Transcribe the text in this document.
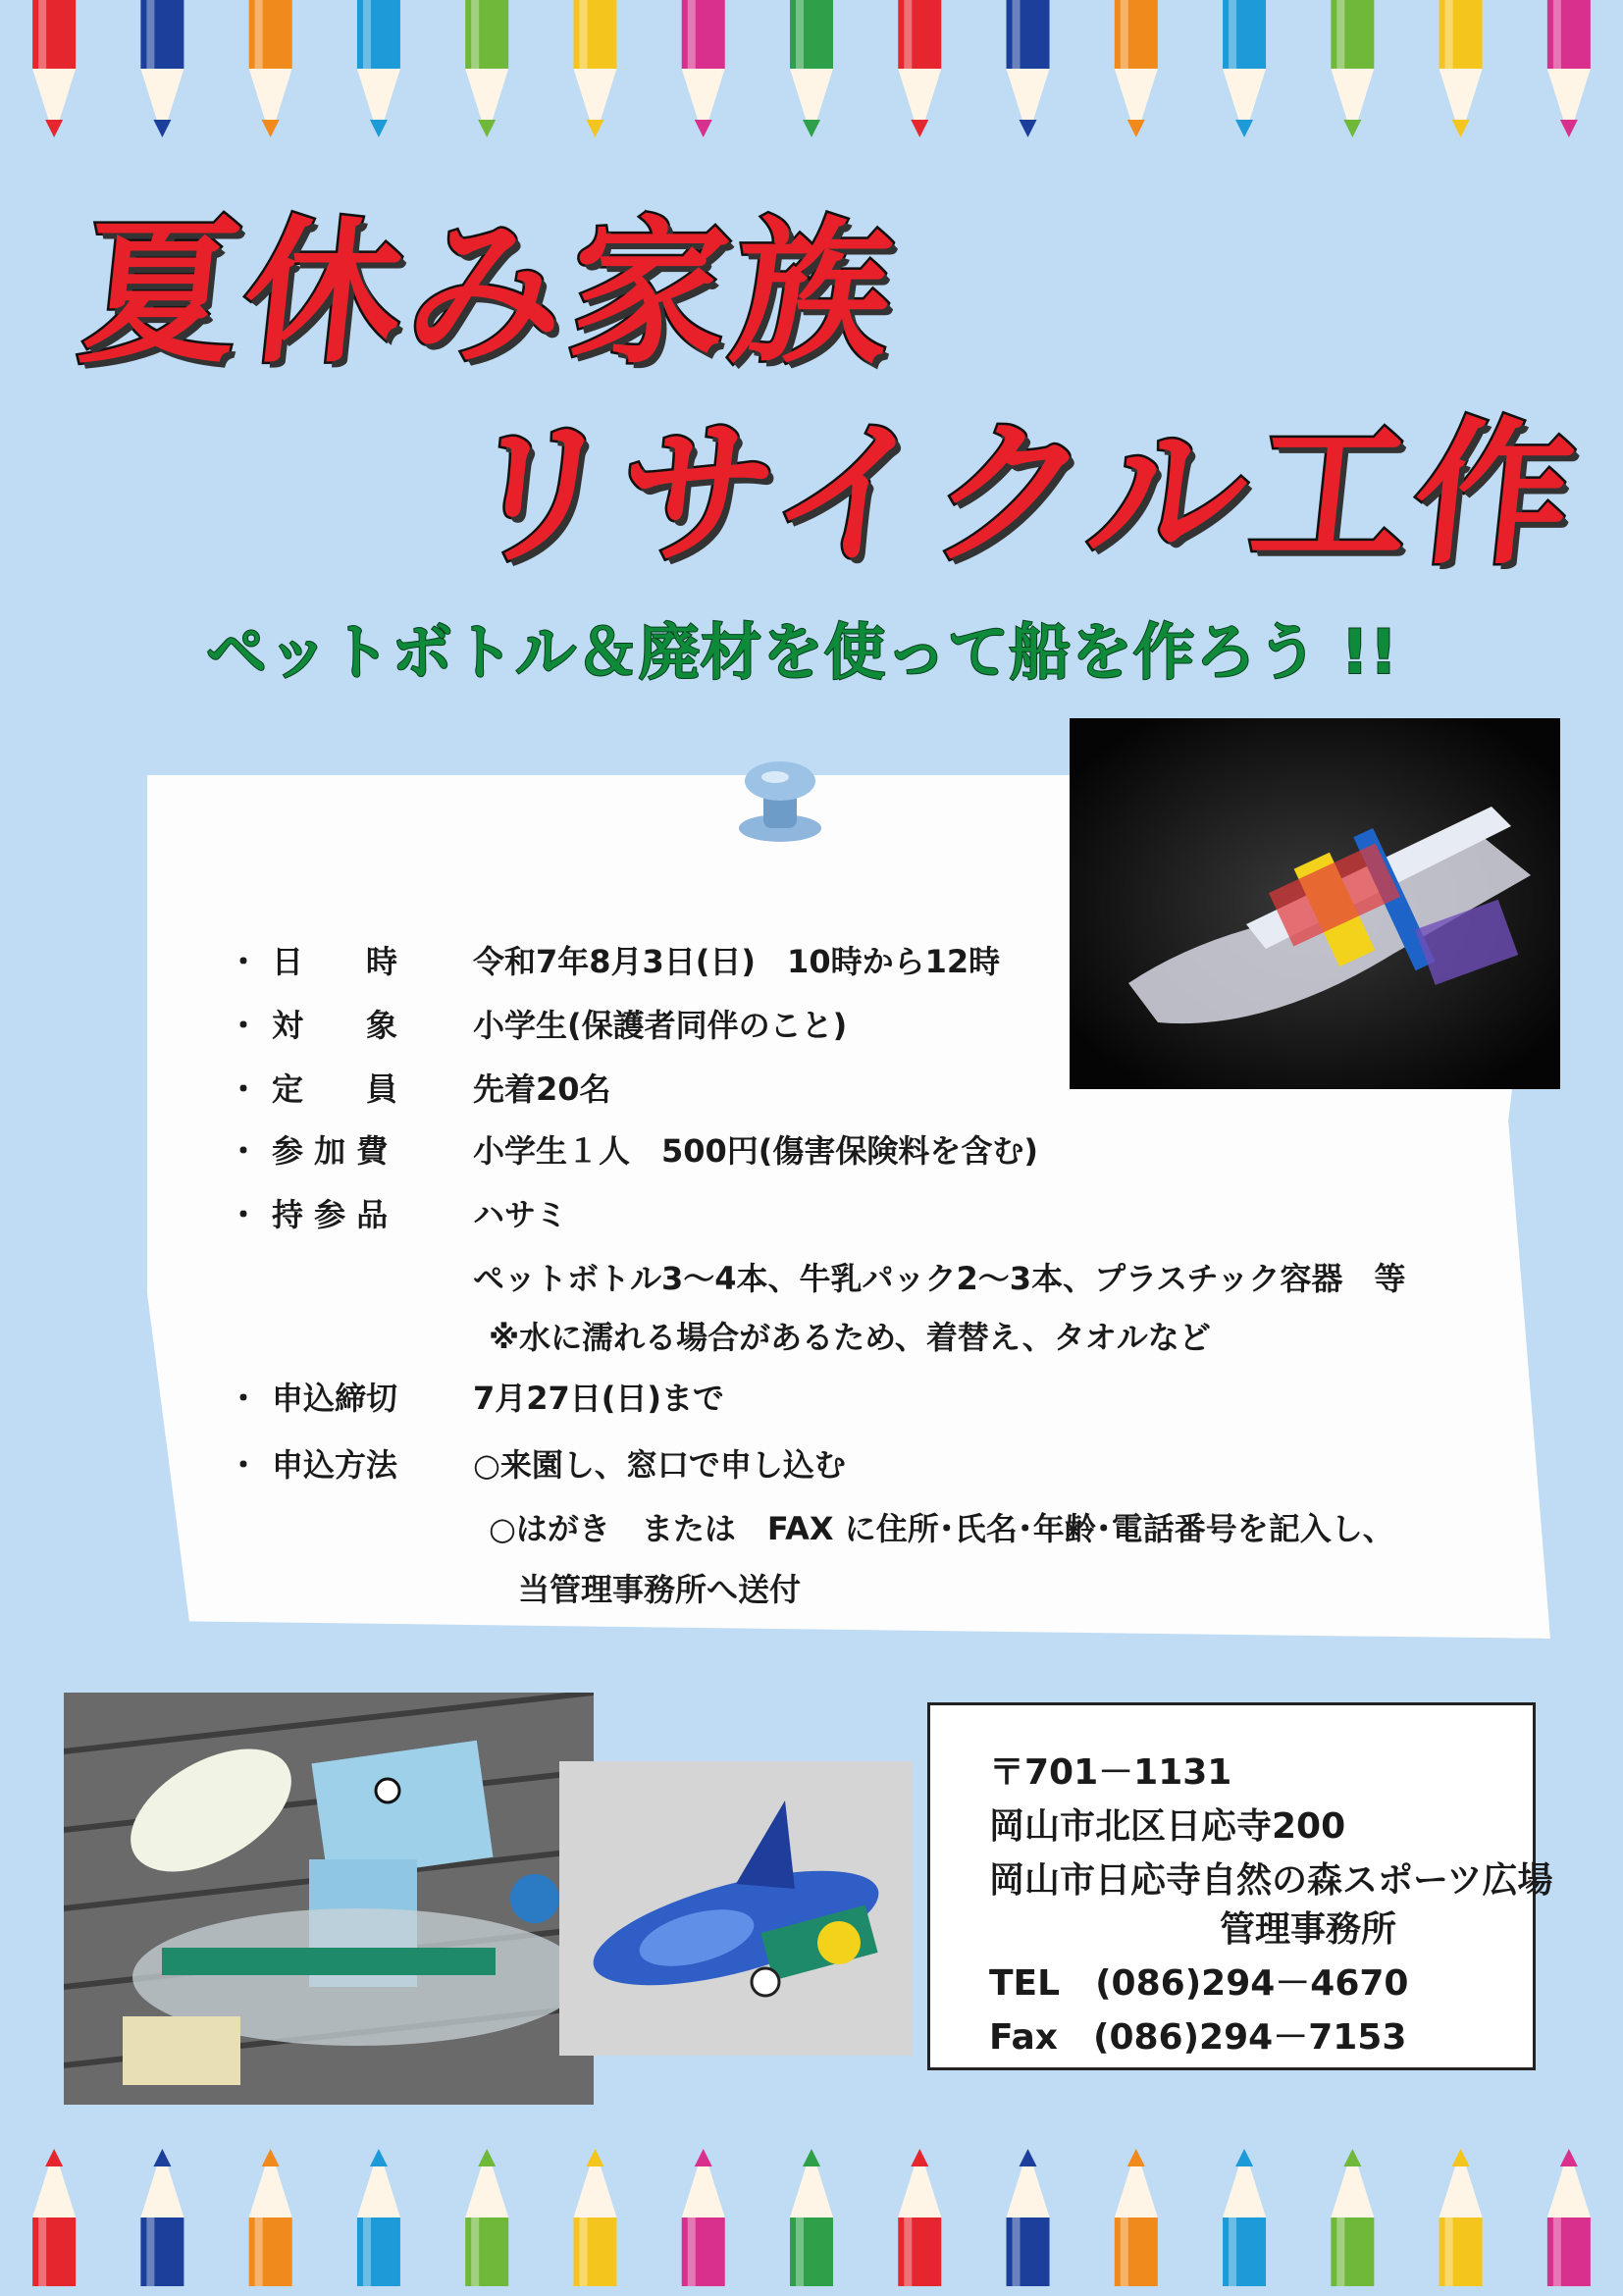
夏休み家族
リサイクル工作
ペットボトル＆廃材を使って船を作ろう !!
・ 日　　時 令和7年8月3日(日)　10時から12時
・ 対　　象 小学生(保護者同伴のこと)
・ 定　　員 先着20名
・ 参 加 費	小学生１人　500円(傷害保険料を含む)
・ 持 参 品	ハサミ
ペットボトル3～4本、牛乳パック2～3本、プラスチック容器　等
※水に濡れる場合があるため、着替え、タオルなど
・ 申込締切 7月27日(日)まで
・ 申込方法 ○来園し、窓口で申し込む
○はがき　または　FAX に住所･氏名･年齢･電話番号を記入し、
当管理事務所へ送付
〒701－1131
岡山市北区日応寺200
岡山市日応寺自然の森スポーツ広場
管理事務所
TEL　(086)294－4670
Fax　(086)294－7153
